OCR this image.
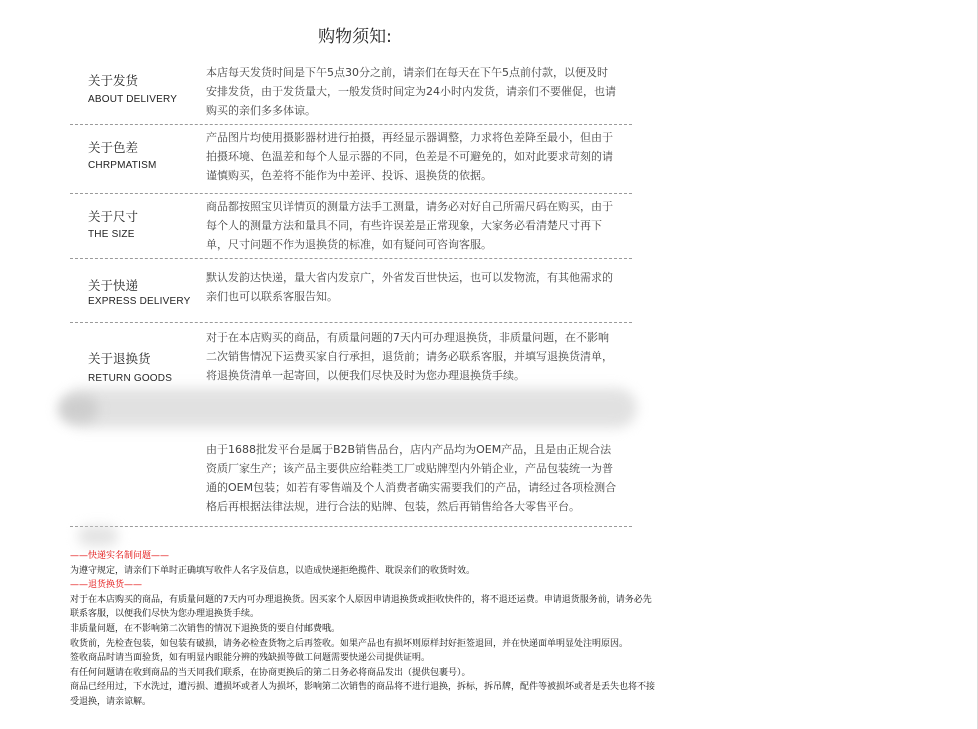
购物须知:
关于发货
ABOUT DELIVERY
本店每天发货时间是下午5点30分之前，请亲们在每天在下午5点前付款，以便及时安排发货，由于发货量大，一般发货时间定为24小时内发货，请亲们不要催促，也请购买的亲们多多体谅。
关于色差
CHRPMATISM
产品图片均使用摄影器材进行拍摄，再经显示器调整，力求将色差降至最小，但由于拍摄环境、色温差和每个人显示器的不同，色差是不可避免的，如对此要求苛刻的请谨慎购买，色差将不能作为中差评、投诉、退换货的依据。
关于尺寸
THE SIZE
商品都按照宝贝详情页的测量方法手工测量，请务必对好自己所需尺码在购买，由于每个人的测量方法和量具不同，有些许误差是正常现象，大家务必看清楚尺寸再下单，尺寸问题不作为退换货的标准，如有疑问可咨询客服。
关于快递
EXPRESS DELIVERY
默认发韵达快递，量大省内发京广，外省发百世快运，也可以发物流，有其他需求的亲们也可以联系客服告知。
关于退换货
RETURN GOODS
对于在本店购买的商品，有质量问题的7天内可办理退换货，非质量问题，在不影响二次销售情况下运费买家自行承担，退货前；请务必联系客服，并填写退换货清单，将退换货清单一起寄回，以便我们尽快及时为您办理退换货手续。
由于1688批发平台是属于B2B销售品台，店内产品均为OEM产品，且是由正规合法资质厂家生产；该产品主要供应给鞋类工厂或贴牌型内外销企业，产品包装统一为普通的OEM包装；如若有零售端及个人消费者确实需要我们的产品，请经过各项检测合格后再根据法律法规，进行合法的贴牌、包装，然后再销售给各大零售平台。
——快递实名制问题——
为遵守规定，请亲们下单时正确填写收件人名字及信息，以造成快递拒绝揽件、耽误亲们的收货时效。
——退货换货——
对于在本店购买的商品，有质量问题的7天内可办理退换货。因买家个人原因申请退换货或拒收快件的，将不退还运费。申请退货服务前，请务必先
联系客服，以便我们尽快为您办理退换货手续。
非质量问题，在不影响第二次销售的情况下退换货的要自付邮费哦。
收货前，先检查包装，如包装有破损，请务必检查货物之后再签收。如果产品也有损坏则原样封好拒签退回，并在快递面单明显处注明原因。
签收商品时请当面验货，如有明显内眼能分辨的残缺损等做工问题需要快递公司提供证明。
有任何问题请在收到商品的当天同我们联系，在协商更换后的第二日务必将商品发出（提供包裹号）。
商品已经用过，下水洗过，遭污损、遭损坏或者人为损坏，影响第二次销售的商品将不进行退换，拆标，拆吊牌，配件等被损坏或者是丢失也将不接
受退换，请亲谅解。
